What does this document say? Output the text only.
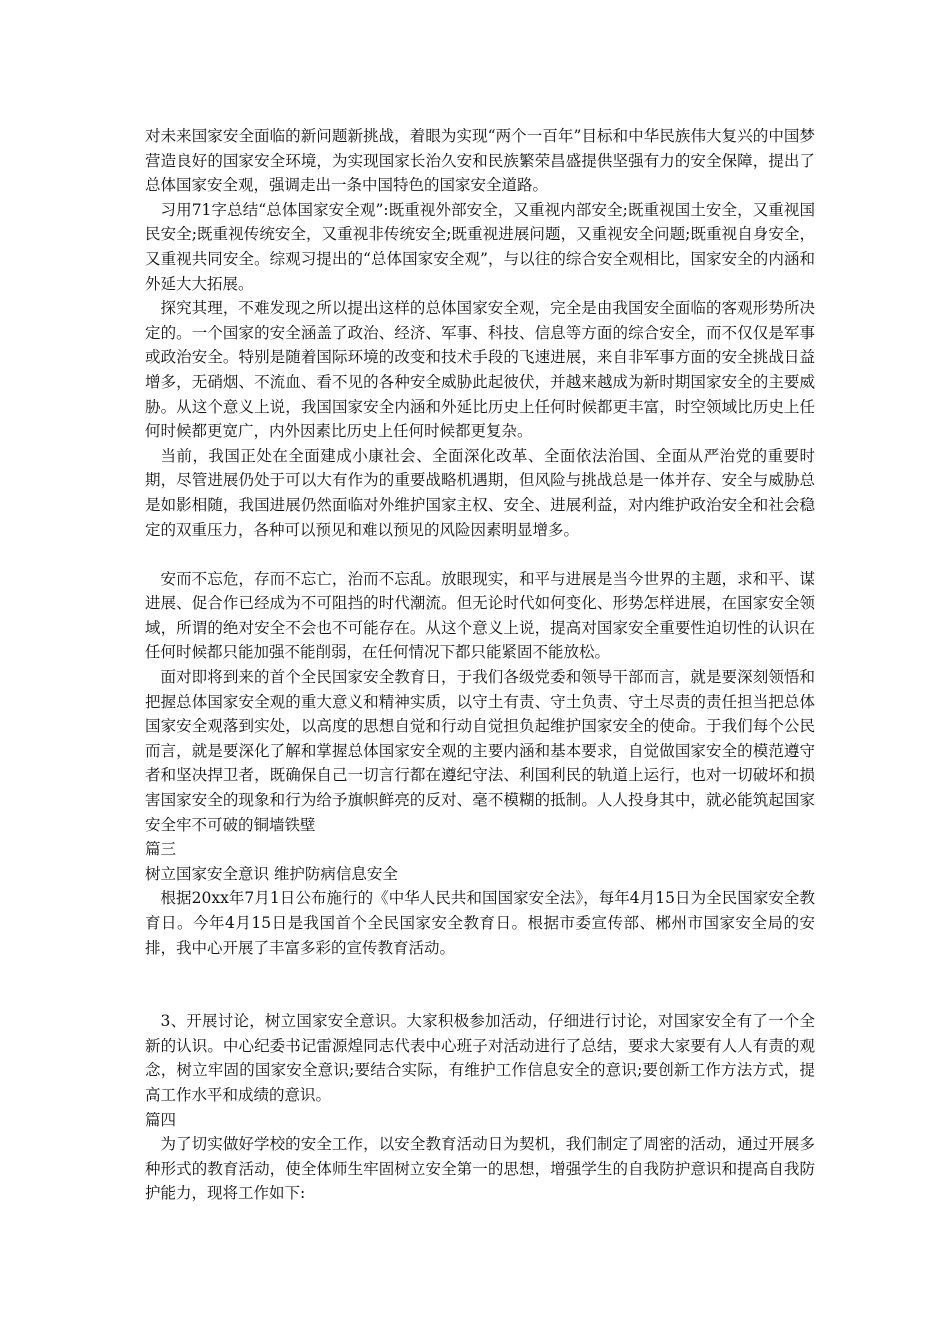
对未来国家安全面临的新问题新挑战，着眼为实现“两个一百年”目标和中华民族伟大复兴的中国梦营造良好的国家安全环境，为实现国家长治久安和民族繁荣昌盛提供坚强有力的安全保障，提出了总体国家安全观，强调走出一条中国特色的国家安全道路。

习用71字总结“总体国家安全观”:既重视外部安全，又重视内部安全;既重视国土安全，又重视国民安全;既重视传统安全，又重视非传统安全;既重视进展问题，又重视安全问题;既重视自身安全，又重视共同安全。综观习提出的“总体国家安全观”，与以往的综合安全观相比，国家安全的内涵和外延大大拓展。

探究其理，不难发现之所以提出这样的总体国家安全观，完全是由我国安全面临的客观形势所决定的。一个国家的安全涵盖了政治、经济、军事、科技、信息等方面的综合安全，而不仅仅是军事或政治安全。特别是随着国际环境的改变和技术手段的飞速进展，来自非军事方面的安全挑战日益增多，无硝烟、不流血、看不见的各种安全威胁此起彼伏，并越来越成为新时期国家安全的主要威胁。从这个意义上说，我国国家安全内涵和外延比历史上任何时候都更丰富，时空领域比历史上任何时候都更宽广，内外因素比历史上任何时候都更复杂。

当前，我国正处在全面建成小康社会、全面深化改革、全面依法治国、全面从严治党的重要时期，尽管进展仍处于可以大有作为的重要战略机遇期，但风险与挑战总是一体并存、安全与威胁总是如影相随，我国进展仍然面临对外维护国家主权、安全、进展利益，对内维护政治安全和社会稳定的双重压力，各种可以预见和难以预见的风险因素明显增多。

安而不忘危，存而不忘亡，治而不忘乱。放眼现实，和平与进展是当今世界的主题，求和平、谋进展、促合作已经成为不可阻挡的时代潮流。但无论时代如何变化、形势怎样进展，在国家安全领域，所谓的绝对安全不会也不可能存在。从这个意义上说，提高对国家安全重要性迫切性的认识在任何时候都只能加强不能削弱，在任何情况下都只能紧固不能放松。

面对即将到来的首个全民国家安全教育日，于我们各级党委和领导干部而言，就是要深刻领悟和把握总体国家安全观的重大意义和精神实质，以守土有责、守土负责、守土尽责的责任担当把总体国家安全观落到实处，以高度的思想自觉和行动自觉担负起维护国家安全的使命。于我们每个公民而言，就是要深化了解和掌握总体国家安全观的主要内涵和基本要求，自觉做国家安全的模范遵守者和坚决捍卫者，既确保自己一切言行都在遵纪守法、利国利民的轨道上运行，也对一切破坏和损害国家安全的现象和行为给予旗帜鲜亮的反对、毫不模糊的抵制。人人投身其中，就必能筑起国家安全牢不可破的铜墙铁壁

篇三

树立国家安全意识 维护防病信息安全

根据20xx年7月1日公布施行的《中华人民共和国国家安全法》，每年4月15日为全民国家安全教育日。今年4月15日是我国首个全民国家安全教育日。根据市委宣传部、郴州市国家安全局的安排，我中心开展了丰富多彩的宣传教育活动。

3、开展讨论，树立国家安全意识。大家积极参加活动，仔细进行讨论，对国家安全有了一个全新的认识。中心纪委书记雷源煌同志代表中心班子对活动进行了总结，要求大家要有人人有责的观念，树立牢固的国家安全意识;要结合实际，有维护工作信息安全的意识;要创新工作方法方式，提高工作水平和成绩的意识。

篇四

为了切实做好学校的安全工作，以安全教育活动日为契机，我们制定了周密的活动，通过开展多种形式的教育活动，使全体师生牢固树立安全第一的思想，增强学生的自我防护意识和提高自我防护能力，现将工作如下:
